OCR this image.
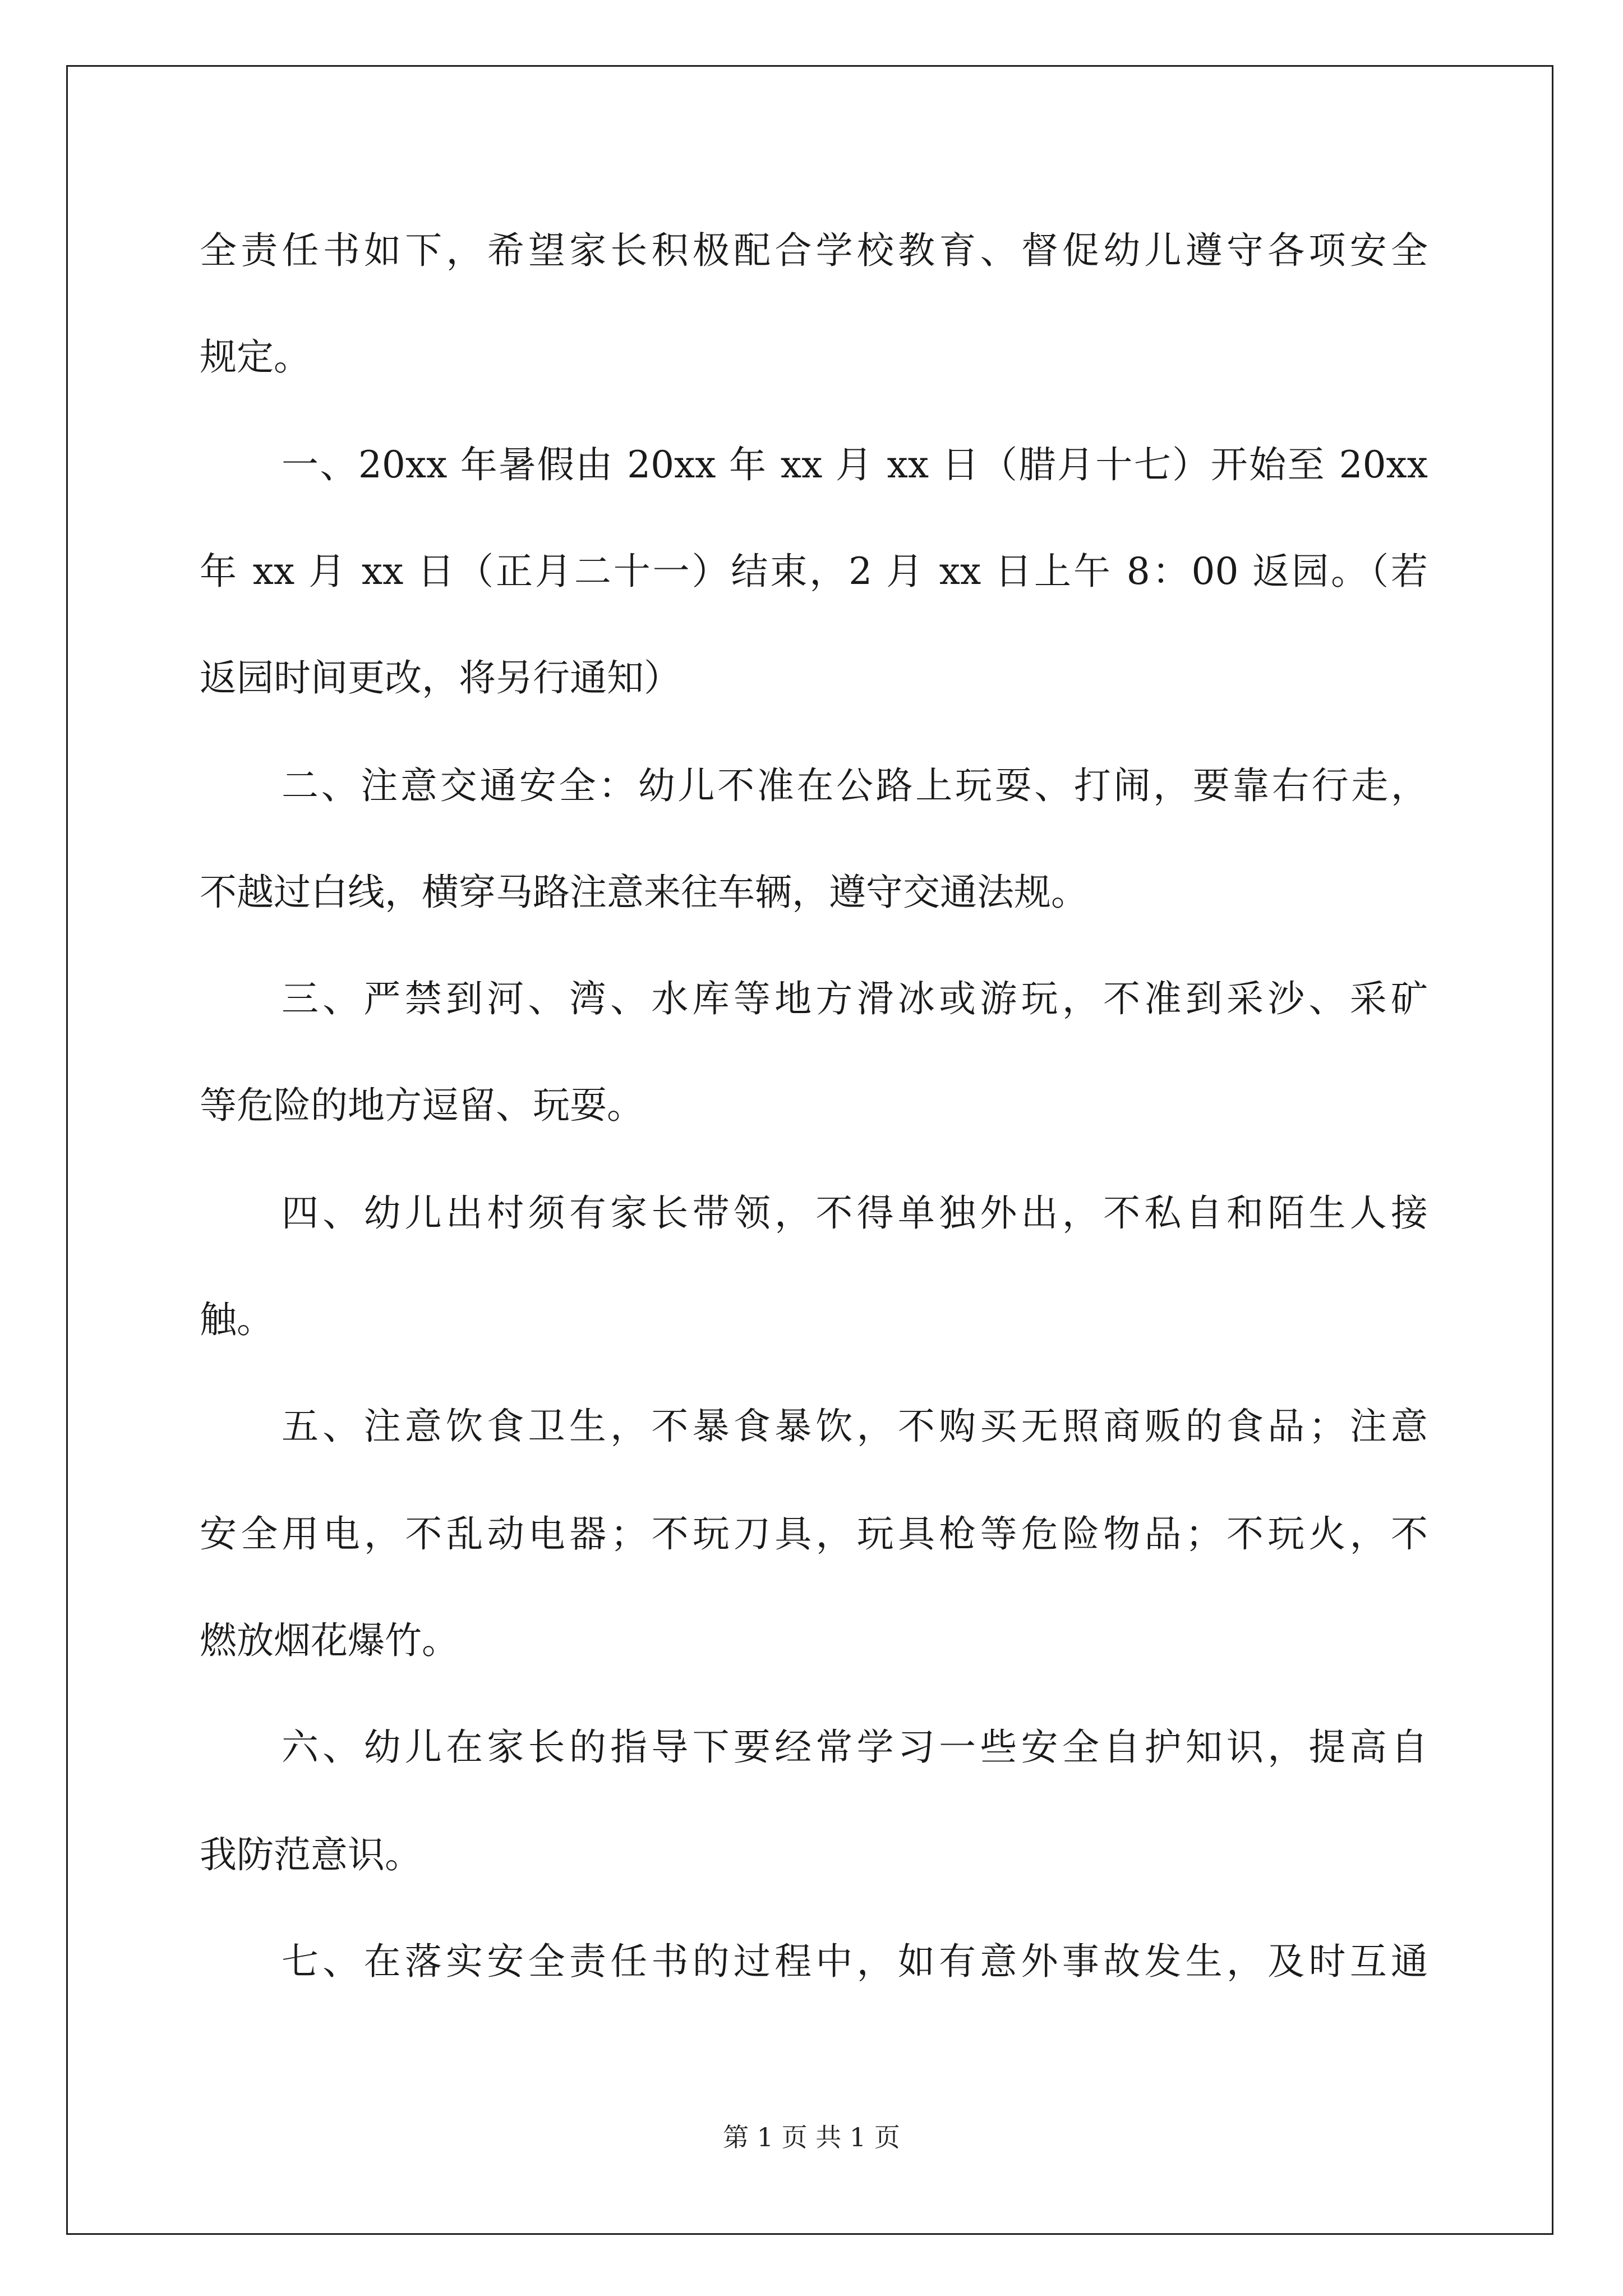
全责任书如下，希望家长积极配合学校教育、督促幼儿遵守各项安全
规定。
一、20xx 年暑假由 20xx 年 xx 月 xx 日（腊月十七）开始至 20xx
年 xx 月 xx 日（正月二十一）结束，2 月 xx 日上午 8：00 返园。（若
返园时间更改，将另行通知）
二、注意交通安全：幼儿不准在公路上玩耍、打闹，要靠右行走，
不越过白线，横穿马路注意来往车辆，遵守交通法规。
三、严禁到河、湾、水库等地方滑冰或游玩，不准到采沙、采矿
等危险的地方逗留、玩耍。
四、幼儿出村须有家长带领，不得单独外出，不私自和陌生人接
触。
五、注意饮食卫生，不暴食暴饮，不购买无照商贩的食品；注意
安全用电，不乱动电器；不玩刀具，玩具枪等危险物品；不玩火，不
燃放烟花爆竹。
六、幼儿在家长的指导下要经常学习一些安全自护知识，提高自
我防范意识。
七、在落实安全责任书的过程中，如有意外事故发生，及时互通
第 1 页 共 1 页
